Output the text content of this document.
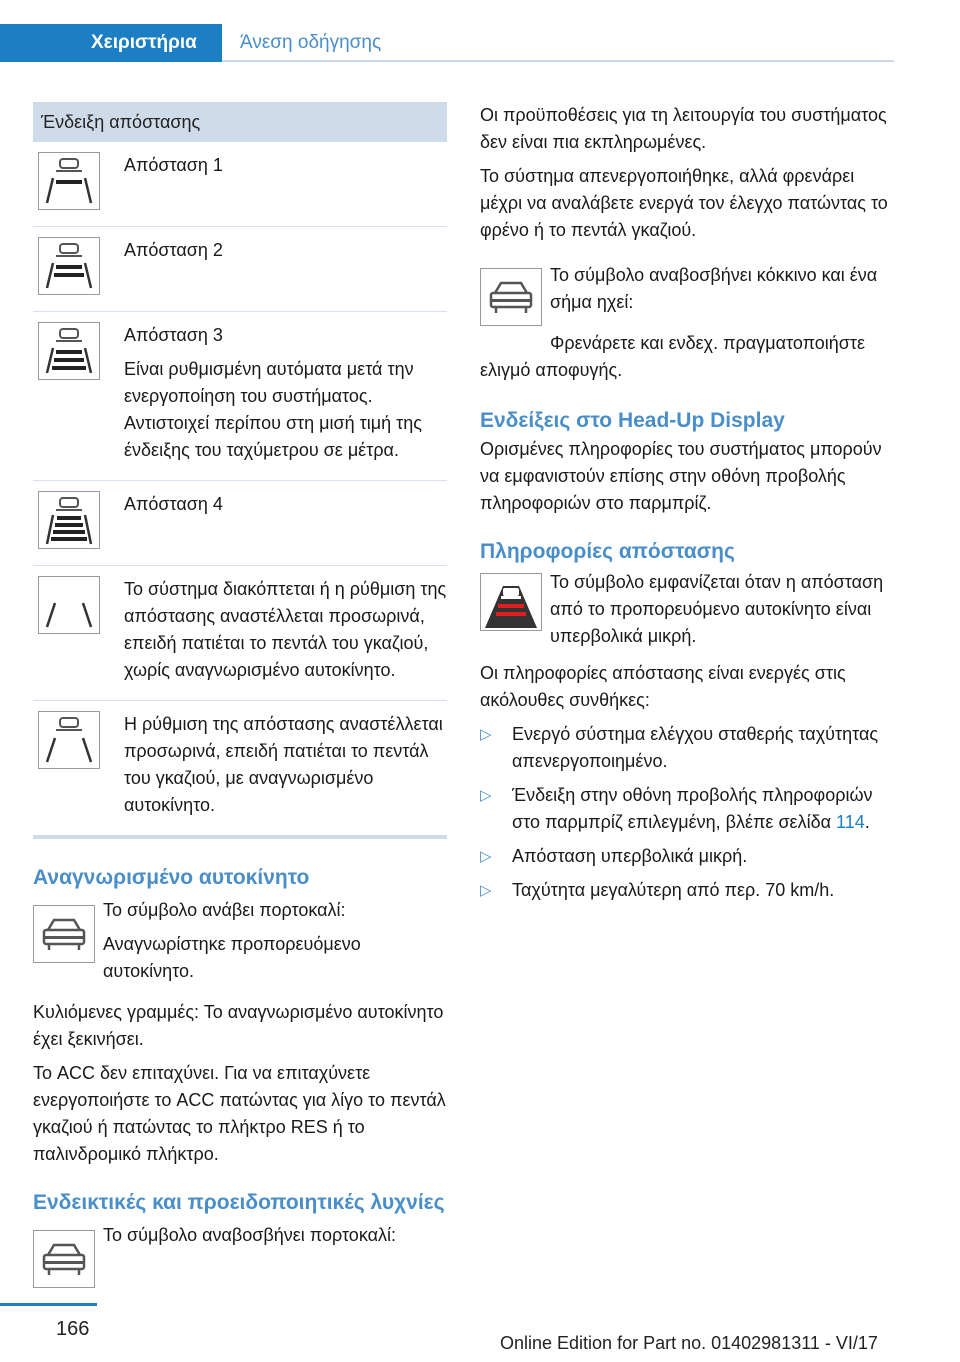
Χειριστήρια	Άνεση οδήγησης
Ένδειξη απόστασης

Απόσταση 1

Απόσταση 2

Απόσταση 3

Είναι ρυθμισμένη αυτόματα μετά την ενεργοποίηση του συστήματος. Αντιστοιχεί περίπου στη μισή τιμή της ένδειξης του ταχύμετρου σε μέτρα.

Απόσταση 4

Το σύστημα διακόπτεται ή η ρύθμιση της απόστασης αναστέλλεται προσωρινά, επειδή πατιέται το πεντάλ του γκαζιού, χωρίς αναγνωρισμένο αυτοκίνητο.

Η ρύθμιση της απόστασης αναστέλλεται προσωρινά, επειδή πατιέται το πεντάλ του γκαζιού, με αναγνωρισμένο αυτοκίνητο.

Αναγνωρισμένο αυτοκίνητο

Το σύμβολο ανάβει πορτοκαλί:

Αναγνωρίστηκε προπορευόμενο αυτοκίνητο.

Κυλιόμενες γραμμές: Το αναγνωρισμένο αυτοκίνητο έχει ξεκινήσει.

Το ACC δεν επιταχύνει. Για να επιταχύνετε ενεργοποιήστε το ACC πατώντας για λίγο το πεντάλ γκαζιού ή πατώντας το πλήκτρο RES ή το παλινδρομικό πλήκτρο.

Ενδεικτικές και προειδοποιητικές λυχνίες

Το σύμβολο αναβοσβήνει πορτοκαλί:

Οι προϋποθέσεις για τη λειτουργία του συστήματος δεν είναι πια εκπληρωμένες.

Το σύστημα απενεργοποιήθηκε, αλλά φρενάρει μέχρι να αναλάβετε ενεργά τον έλεγχο πατώντας το φρένο ή το πεντάλ γκαζιού.

Το σύμβολο αναβοσβήνει κόκκινο και ένα σήμα ηχεί:

Φρενάρετε και ενδεχ. πραγματοποιήστε ελιγμό αποφυγής.

Ενδείξεις στο Head-Up Display

Ορισμένες πληροφορίες του συστήματος μπορούν να εμφανιστούν επίσης στην οθόνη προβολής πληροφοριών στο παρμπρίζ.

Πληροφορίες απόστασης

Το σύμβολο εμφανίζεται όταν η απόσταση από το προπορευόμενο αυτοκίνητο είναι υπερβολικά μικρή.

Οι πληροφορίες απόστασης είναι ενεργές στις ακόλουθες συνθήκες:

▷ Ενεργό σύστημα ελέγχου σταθερής ταχύτητας απενεργοποιημένο.
▷ Ένδειξη στην οθόνη προβολής πληροφοριών στο παρμπρίζ επιλεγμένη, βλέπε σελίδα 114.
▷ Απόσταση υπερβολικά μικρή.
▷ Ταχύτητα μεγαλύτερη από περ. 70 km/h.
166
Online Edition for Part no. 01402981311 - VI/17
